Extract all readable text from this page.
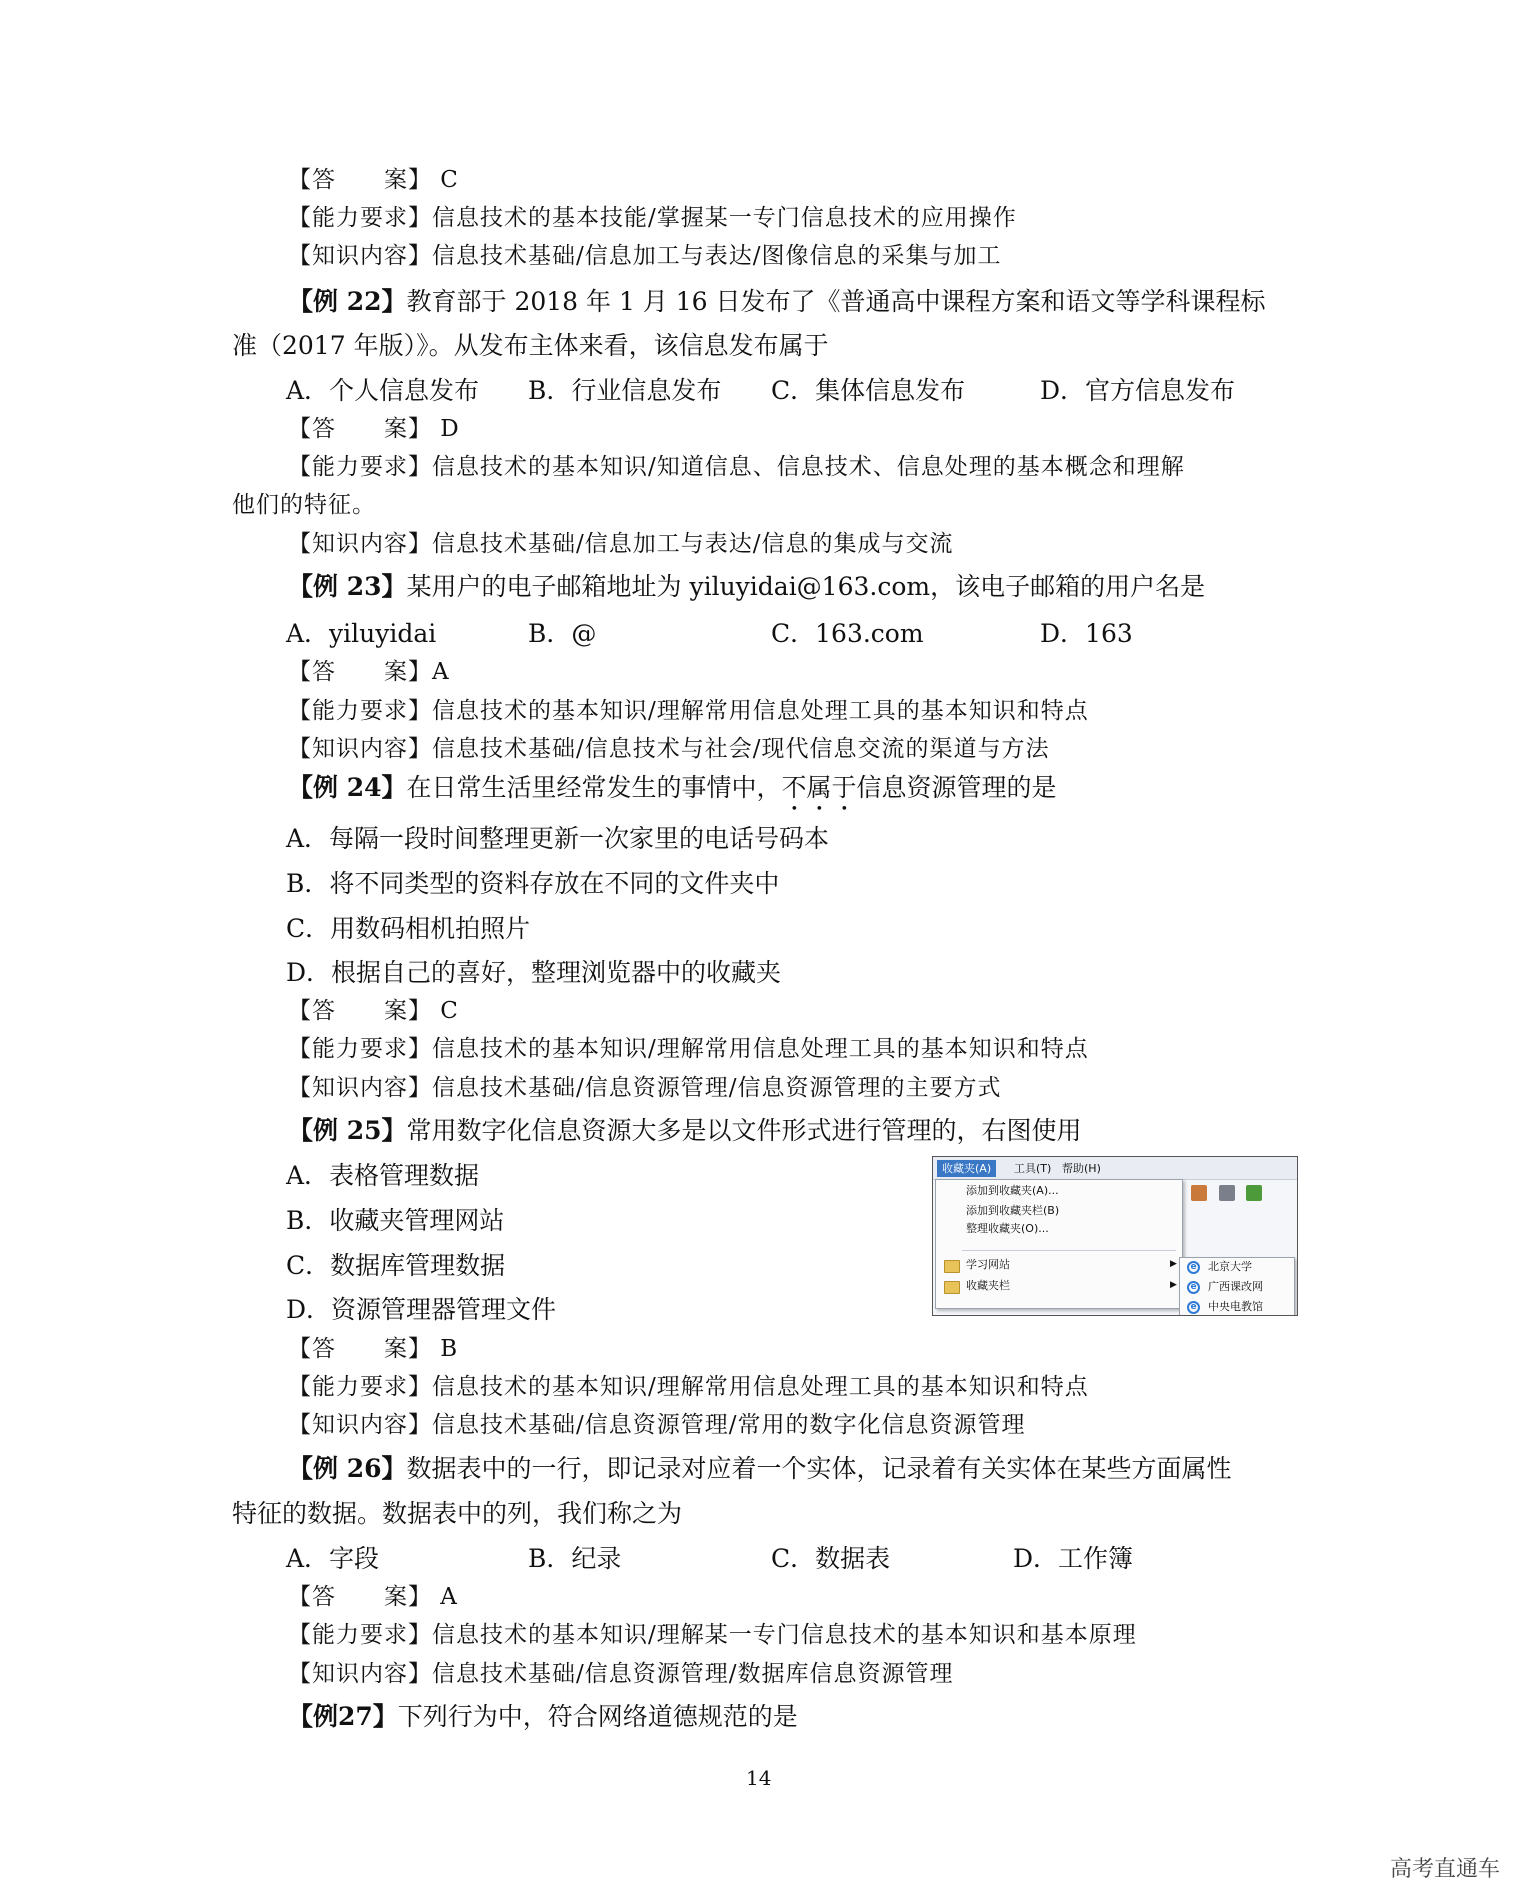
【答　　案】 C
【能力要求】信息技术的基本技能/掌握某一专门信息技术的应用操作
【知识内容】信息技术基础/信息加工与表达/图像信息的采集与加工
【例 22】教育部于 2018 年 1 月 16 日发布了《普通高中课程方案和语文等学科课程标
准（2017 年版）》。从发布主体来看，该信息发布属于
A．个人信息发布 B．行业信息发布 C．集体信息发布	D．官方信息发布
【答　　案】 D
【能力要求】信息技术的基本知识/知道信息、信息技术、信息处理的基本概念和理解
他们的特征。
【知识内容】信息技术基础/信息加工与表达/信息的集成与交流
【例 23】某用户的电子邮箱地址为 yiluyidai@163.com，该电子邮箱的用户名是
A．yiluyidai	B．@	C．163.com	D．163
【答　　案】A
【能力要求】信息技术的基本知识/理解常用信息处理工具的基本知识和特点
【知识内容】信息技术基础/信息技术与社会/现代信息交流的渠道与方法
【例 24】在日常生活里经常发生的事情中，不属于信息资源管理的是
A．每隔一段时间整理更新一次家里的电话号码本
B．将不同类型的资料存放在不同的文件夹中
C．用数码相机拍照片
D．根据自己的喜好，整理浏览器中的收藏夹
【答　　案】 C
【能力要求】信息技术的基本知识/理解常用信息处理工具的基本知识和特点
【知识内容】信息技术基础/信息资源管理/信息资源管理的主要方式
【例 25】常用数字化信息资源大多是以文件形式进行管理的，右图使用
A．表格管理数据
B．收藏夹管理网站
C．数据库管理数据
D．资源管理器管理文件
收藏夹(A)	工具(T) 帮助(H)

添加到收藏夹(A)...
添加到收藏夹栏(B)
整理收藏夹(O)...
学习网站	▶
收藏夹栏	▶
e	北京大学
e	广西课改网
e	中央电教馆
【答　　案】 B
【能力要求】信息技术的基本知识/理解常用信息处理工具的基本知识和特点
【知识内容】信息技术基础/信息资源管理/常用的数字化信息资源管理
【例 26】数据表中的一行，即记录对应着一个实体，记录着有关实体在某些方面属性
特征的数据。数据表中的列，我们称之为
A．字段	B．纪录	C．数据表	D．工作簿
【答　　案】 A
【能力要求】信息技术的基本知识/理解某一专门信息技术的基本知识和基本原理
【知识内容】信息技术基础/信息资源管理/数据库信息资源管理
【例27】下列行为中，符合网络道德规范的是
14
高考直通车
